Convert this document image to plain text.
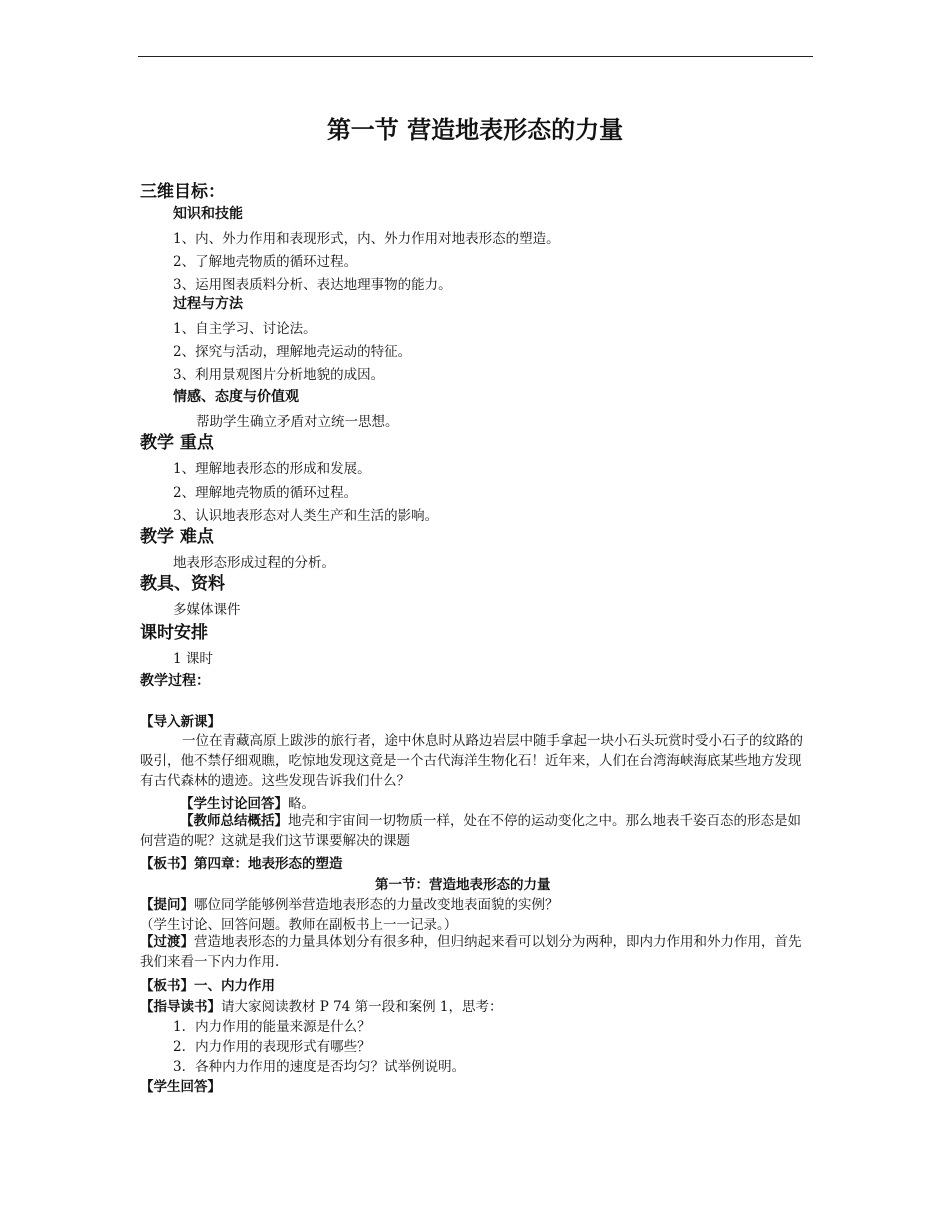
第一节 营造地表形态的力量
三维目标：
知识和技能
1、内、外力作用和表现形式，内、外力作用对地表形态的塑造。
2、了解地壳物质的循环过程。
3、运用图表质料分析、表达地理事物的能力。
过程与方法
1、自主学习、讨论法。
2、探究与活动，理解地壳运动的特征。
3、利用景观图片分析地貌的成因。
情感、态度与价值观
帮助学生确立矛盾对立统一思想。
教学 重点
1、理解地表形态的形成和发展。
2、理解地壳物质的循环过程。
3、认识地表形态对人类生产和生活的影响。
教学 难点
地表形态形成过程的分析。
教具、资料
多媒体课件
课时安排
1 课时
教学过程：
【导入新课】
一位在青藏高原上跋涉的旅行者，途中休息时从路边岩层中随手拿起一块小石头玩赏时受小石子的纹路的吸引，他不禁仔细观瞧，吃惊地发现这竟是一个古代海洋生物化石！近年来，人们在台湾海峡海底某些地方发现有古代森林的遗迹。这些发现告诉我们什么？
【学生讨论回答】略。
【教师总结概括】地壳和宇宙间一切物质一样，处在不停的运动变化之中。那么地表千姿百态的形态是如何营造的呢？这就是我们这节课要解决的课题
【板书】第四章：地表形态的塑造
第一节：营造地表形态的力量
【提问】哪位同学能够例举营造地表形态的力量改变地表面貌的实例？
（学生讨论、回答问题。教师在副板书上一一记录。）
【过渡】营造地表形态的力量具体划分有很多种，但归纳起来看可以划分为两种，即内力作用和外力作用，首先我们来看一下内力作用.
【板书】一、内力作用
【指导读书】请大家阅读教材 P 74 第一段和案例 1，思考：
1．内力作用的能量来源是什么？
2．内力作用的表现形式有哪些？
3．各种内力作用的速度是否均匀？试举例说明。
【学生回答】
